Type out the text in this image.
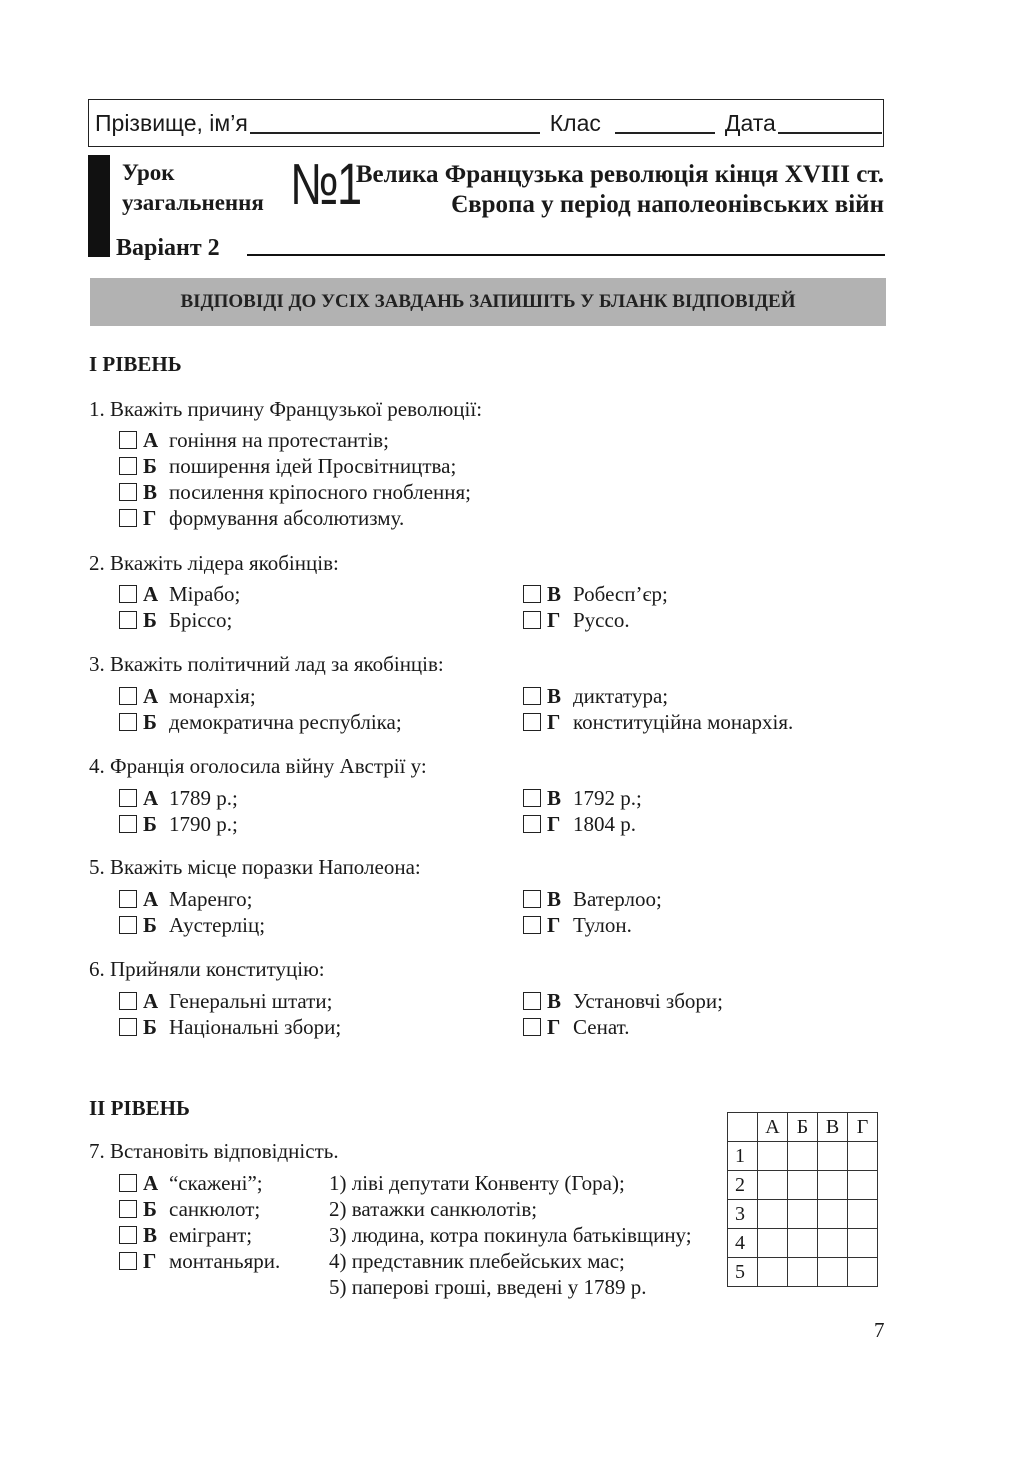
Прізвище, ім’я	Клас	Дата
Урок
узагальнення №1
Велика Французька революція кінця XVIII ст.
Європа у період наполеонівських війн
Варіант 2
ВІДПОВІДІ ДО УСІХ ЗАВДАНЬ ЗАПИШІТЬ У БЛАНК ВІДПОВІДЕЙ
І РІВЕНЬ
1. Вкажіть причину Французької революції:
А гоніння на протестантів;
Б поширення ідей Просвітництва;
В посилення кріпосного гноблення;
Г формування абсолютизму.
2. Вкажіть лідера якобінців:
А Мірабо;
Б Бріссо;
В Робесп’єр;
Г Руссо.
3. Вкажіть політичний лад за якобінців:
А монархія;
Б демократична республіка;
В диктатура;
Г конституційна монархія.
4. Франція оголосила війну Австрії у:
А 1789 р.;
Б 1790 р.;
В 1792 р.;
Г 1804 р.
5. Вкажіть місце поразки Наполеона:
А Маренго;
Б Аустерліц;
В Ватерлоо;
Г Тулон.
6. Прийняли конституцію:
А Генеральні штати;
Б Національні збори;
В Установчі збори;
Г Сенат.
ІІ РІВЕНЬ
7. Встановіть відповідність.
А “скажені”;
Б санкюлот;
В емігрант;
Г монтаньяри.
1) ліві депутати Конвенту (Гора);
2) ватажки санкюлотів;
3) людина, котра покинула батьківщину;
4) представник плебейських мас;
5) паперові гроші, введені у 1789 р.
	А	Б	В	Г
1				
2				
3				
4				
5				
7
